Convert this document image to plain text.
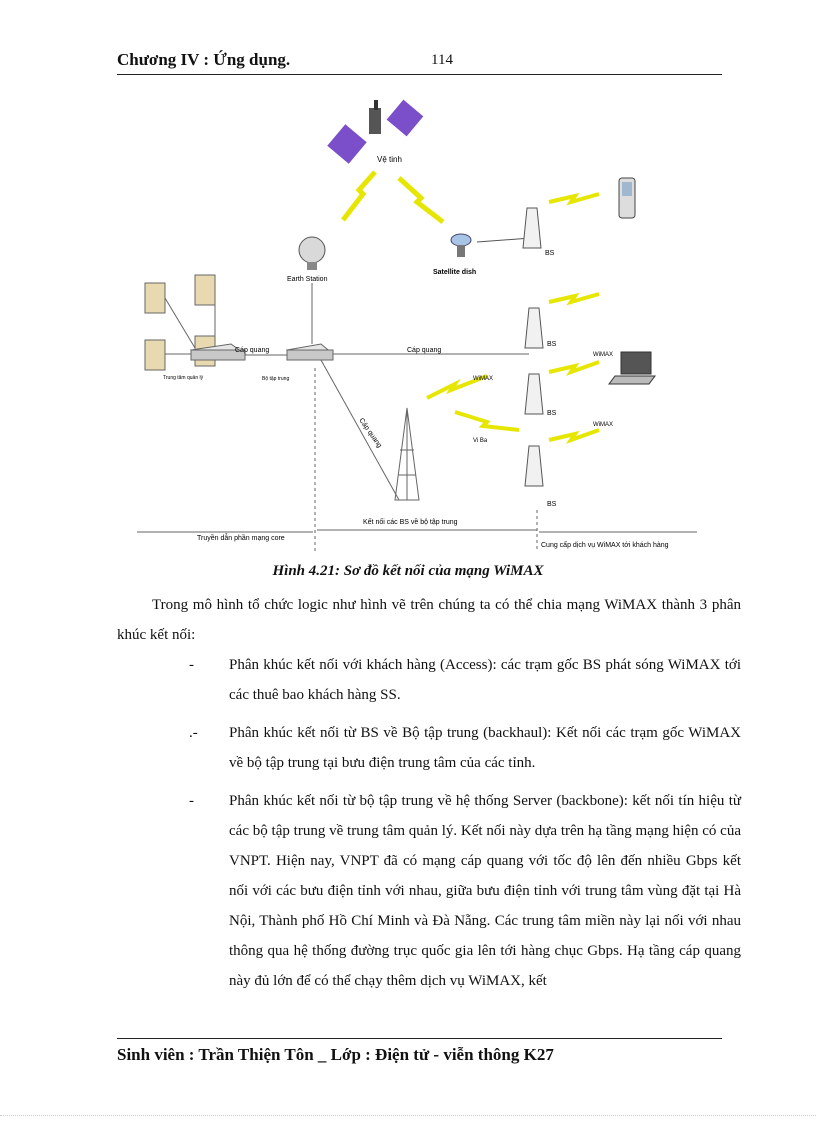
Chương IV : Ứng dụng.	114
Vệ tinh
Earth Station
Satellite dish
Trung tâm quản lý	Bộ tập trung
Cáp quang	Cáp quang
Cáp quang
BS
BS
BS
BS
WiMAX
Vi Ba
WiMAX
WiMAX
Truyền dẫn phần mạng core
Kết nối các BS về bộ tập trung
Cung cấp dịch vụ WiMAX tới khách hàng
Hình 4.21: Sơ đồ kết nối của mạng WiMAX
Trong mô hình tổ chức logic như hình vẽ trên chúng ta có thể chia mạng WiMAX thành 3 phân khúc kết nối:
- Phân khúc kết nối với khách hàng (Access): các trạm gốc BS phát sóng WiMAX tới các thuê bao khách hàng SS.
.- Phân khúc kết nối từ BS về Bộ tập trung (backhaul): Kết nối các trạm gốc WiMAX về bộ tập trung tại bưu điện trung tâm của các tỉnh.
- Phân khúc kết nối từ bộ tập trung về hệ thống Server (backbone): kết nối tín hiệu từ các bộ tập trung về trung tâm quản lý. Kết nối này dựa trên hạ tầng mạng hiện có của VNPT. Hiện nay, VNPT đã có mạng cáp quang với tốc độ lên đến nhiều Gbps kết nối với các bưu điện tỉnh với nhau, giữa bưu điện tỉnh với trung tâm vùng đặt tại Hà Nội, Thành phố Hồ Chí Minh và Đà Nẵng. Các trung tâm miền này lại nối với nhau thông qua hệ thống đường trục quốc gia lên tới hàng chục Gbps. Hạ tầng cáp quang này đủ lớn để có thể chạy thêm dịch vụ WiMAX, kết
Sinh viên : Trần Thiện Tôn _ Lớp : Điện tử - viễn thông K27
